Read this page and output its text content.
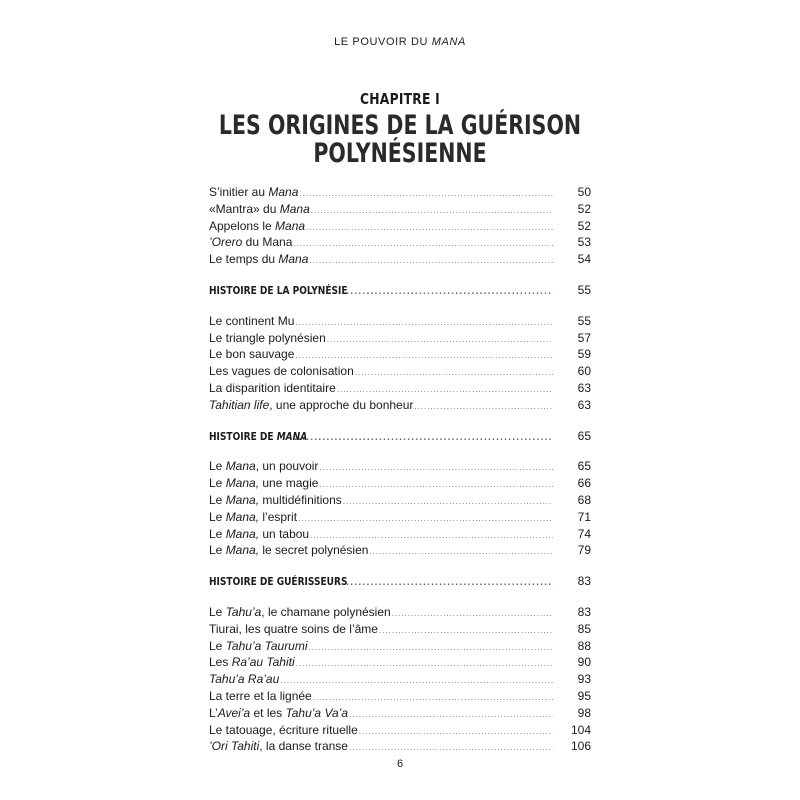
LE POUVOIR DU MANA
CHAPITRE I
LES ORIGINES DE LA GUÉRISON
POLYNÉSIENNE
S’initier au Mana .....	50
«Mantra» du Mana .....	52
Appelons le Mana .....	52
’Orero du Mana .....	53
Le temps du Mana .....	54
HISTOIRE DE LA POLYNÉSIE .....	55
Le continent Mu .....	55
Le triangle polynésien .....	57
Le bon sauvage .....	59
Les vagues de colonisation .....	60
La disparition identitaire .....	63
Tahitian life, une approche du bonheur .....	63
HISTOIRE DE MANA .....	65
Le Mana, un pouvoir .....	65
Le Mana, une magie .....	66
Le Mana, multidéfinitions .....	68
Le Mana, l’esprit .....	71
Le Mana, un tabou .....	74
Le Mana, le secret polynésien .....	79
HISTOIRE DE GUÉRISSEURS .....	83
Le Tahu’a, le chamane polynésien .....	83
Tiurai, les quatre soins de l’âme .....	85
Le Tahu’a Taurumi .....	88
Les Ra’au Tahiti .....	90
Tahu’a Ra’au .....	93
La terre et la lignée .....	95
L’Avei’a et les Tahu’a Va’a .....	98
Le tatouage, écriture rituelle .....	104
’Ori Tahiti, la danse transe .....	106
6
